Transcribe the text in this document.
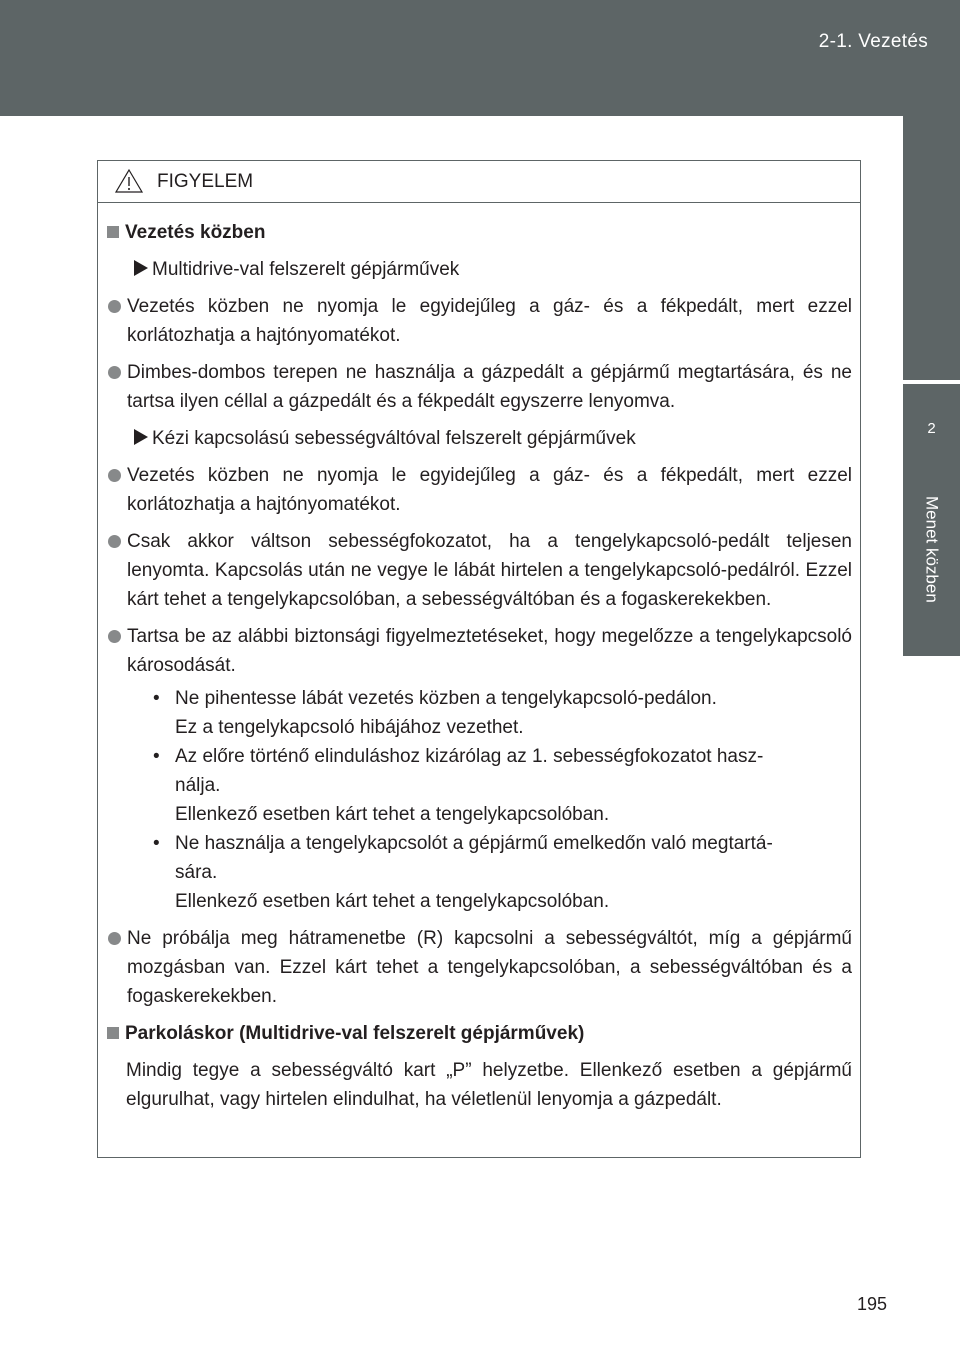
2-1. Vezetés
2
Menet közben
FIGYELEM
Vezetés közben
Multidrive-val felszerelt gépjárművek
Vezetés közben ne nyomja le egyidejűleg a gáz- és a fékpedált, mert ezzel korlátozhatja a hajtónyomatékot.
Dimbes-dombos terepen ne használja a gázpedált a gépjármű megtartására, és ne tartsa ilyen céllal a gázpedált és a fékpedált egyszerre lenyomva.
Kézi kapcsolású sebességváltóval felszerelt gépjárművek
Vezetés közben ne nyomja le egyidejűleg a gáz- és a fékpedált, mert ezzel korlátozhatja a hajtónyomatékot.
Csak akkor váltson sebességfokozatot, ha a tengelykapcsoló-pedált teljesen lenyomta. Kapcsolás után ne vegye le lábát hirtelen a tengelykapcsoló-pedálról. Ezzel kárt tehet a tengelykapcsolóban, a sebességváltóban és a fogaskerekekben.
Tartsa be az alábbi biztonsági figyelmeztetéseket, hogy megelőzze a tengelykapcsoló károsodását.
• Ne pihentesse lábát vezetés közben a tengelykapcsoló-pedálon.
Ez a tengelykapcsoló hibájához vezethet.
• Az előre történő elinduláshoz kizárólag az 1. sebességfokozatot hasz-
nálja.
Ellenkező esetben kárt tehet a tengelykapcsolóban.
• Ne használja a tengelykapcsolót a gépjármű emelkedőn való megtartá-
sára.
Ellenkező esetben kárt tehet a tengelykapcsolóban.
Ne próbálja meg hátramenetbe (R) kapcsolni a sebességváltót, míg a gépjármű mozgásban van. Ezzel kárt tehet a tengelykapcsolóban, a sebességváltóban és a fogaskerekekben.
Parkoláskor (Multidrive-val felszerelt gépjárművek)
Mindig tegye a sebességváltó kart „P” helyzetbe. Ellenkező esetben a gépjármű elgurulhat, vagy hirtelen elindulhat, ha véletlenül lenyomja a gázpedált.
195
